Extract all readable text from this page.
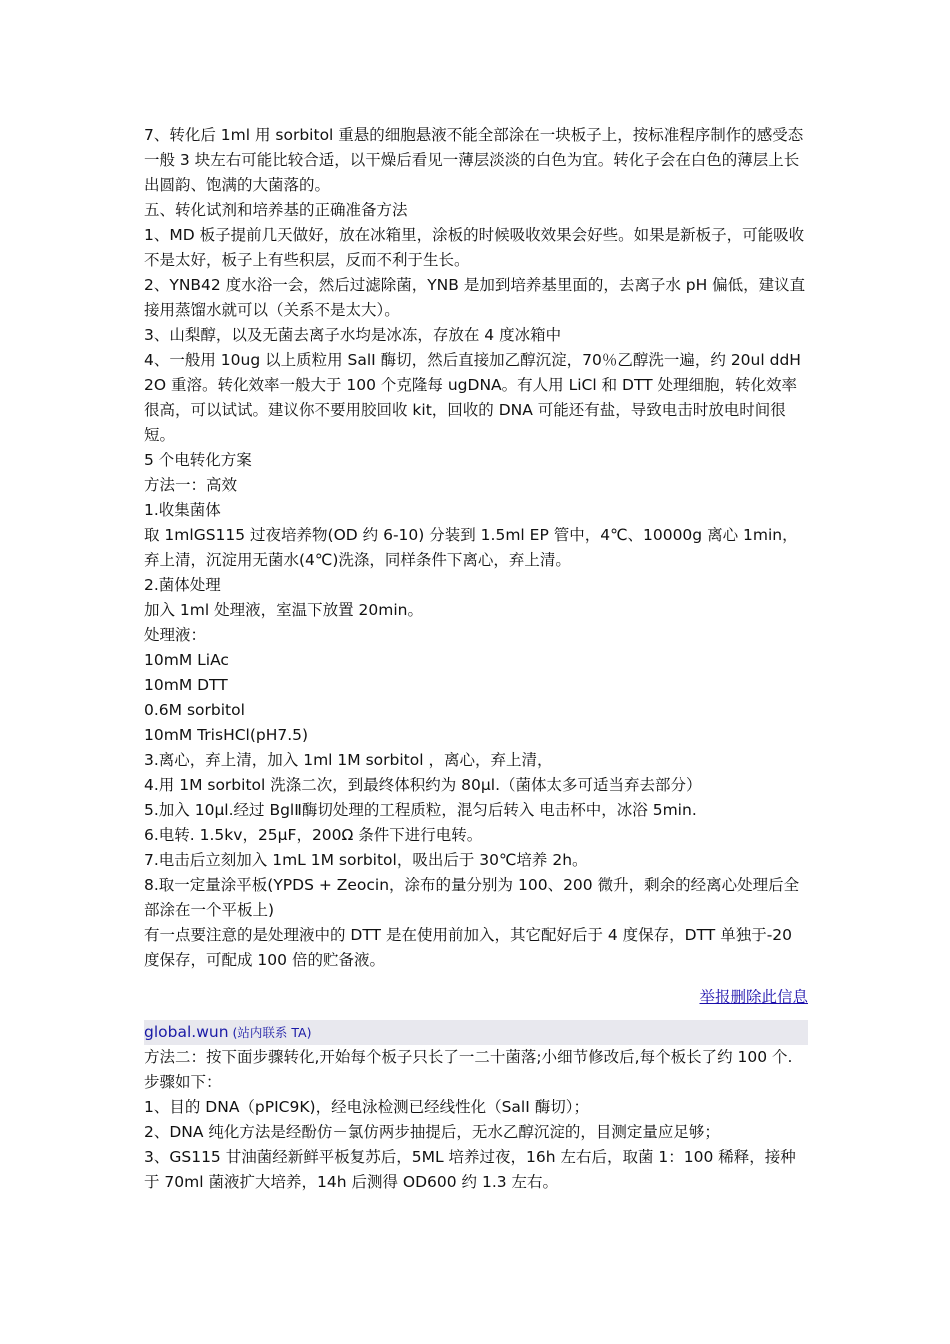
7、转化后 1ml 用 sorbitol 重悬的细胞悬液不能全部涂在一块板子上，按标准程序制作的感受态一般 3 块左右可能比较合适，以干燥后看见一薄层淡淡的白色为宜。转化子会在白色的薄层上长出圆韵、饱满的大菌落的。

五、转化试剂和培养基的正确准备方法

1、MD 板子提前几天做好，放在冰箱里，涂板的时候吸收效果会好些。如果是新板子，可能吸收不是太好，板子上有些积层，反而不利于生长。

2、YNB42 度水浴一会，然后过滤除菌，YNB 是加到培养基里面的，去离子水 pH 偏低，建议直接用蒸馏水就可以（关系不是太大）。

3、山梨醇，以及无菌去离子水均是冰冻，存放在 4 度冰箱中

4、一般用 10ug 以上质粒用 SalI 酶切，然后直接加乙醇沉淀，70％乙醇洗一遍，约 20ul ddH2O 重溶。转化效率一般大于 100 个克隆每 ugDNA。有人用 LiCl 和 DTT 处理细胞，转化效率很高，可以试试。建议你不要用胶回收 kit，回收的 DNA 可能还有盐，导致电击时放电时间很短。

5 个电转化方案

方法一：高效

1.收集菌体

取 1mlGS115 过夜培养物(OD 约 6-10) 分装到 1.5ml EP 管中，4℃、10000g 离心 1min，弃上清，沉淀用无菌水(4℃)洗涤，同样条件下离心，弃上清。

2.菌体处理

加入 1ml 处理液，室温下放置 20min。

处理液：

10mM LiAc

10mM DTT

0.6M sorbitol

10mM TrisHCl(pH7.5)

3.离心，弃上清，加入 1ml 1M sorbitol ，离心，弃上清，

4.用 1M sorbitol 洗涤二次，到最终体积约为 80μl.（菌体太多可适当弃去部分）

5.加入 10μl.经过 BglⅡ酶切处理的工程质粒，混匀后转入 电击杯中，冰浴 5min.

6.电转. 1.5kv，25μF，200Ω 条件下进行电转。

7.电击后立刻加入 1mL 1M sorbitol，吸出后于 30℃培养 2h。

8.取一定量涂平板(YPDS + Zeocin，涂布的量分别为 100、200 微升，剩余的经离心处理后全部涂在一个平板上)

有一点要注意的是处理液中的 DTT 是在使用前加入，其它配好后于 4 度保存，DTT 单独于-20 度保存，可配成 100 倍的贮备液。

举报删除此信息
global.wun (站内联系 TA)

方法二：按下面步骤转化,开始每个板子只长了一二十菌落;小细节修改后,每个板长了约 100 个.

步骤如下：

1、目的 DNA（pPIC9K)，经电泳检测已经线性化（SalI 酶切）；

2、DNA 纯化方法是经酚仿－氯仿两步抽提后，无水乙醇沉淀的，目测定量应足够；

3、GS115 甘油菌经新鲜平板复苏后，5ML 培养过夜，16h 左右后，取菌 1：100 稀释，接种于 70ml 菌液扩大培养，14h 后测得 OD600 约 1.3 左右。
